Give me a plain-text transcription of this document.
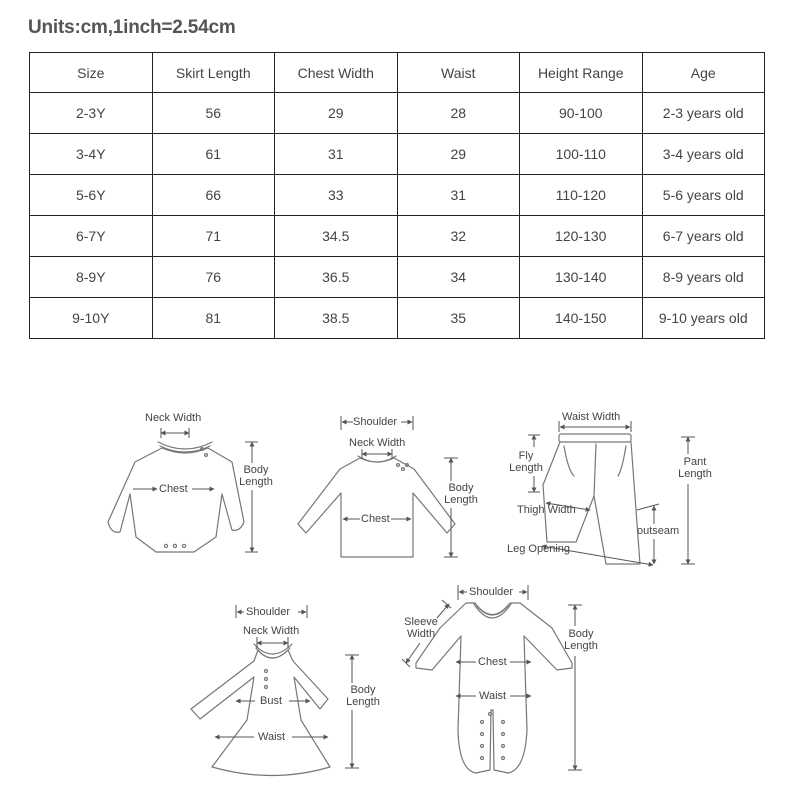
Units:cm,1inch=2.54cm
Size	Skirt Length	Chest Width	Waist	Height Range	Age
2-3Y	56	29	28	90-100	2-3 years old
3-4Y	61	31	29	100-110	3-4 years old
5-6Y	66	33	31	110-120	5-6 years old
6-7Y	71	34.5	32	120-130	6-7 years old
8-9Y	76	36.5	34	130-140	8-9 years old
9-10Y	81	38.5	35	140-150	9-10 years old
Neck Width
Chest
Body
Length
Shoulder
Neck Width
Chest
Body
Length
Waist Width
Fly
Length	Pant
Length
Thigh Width
outseam
Leg Opening
Shoulder
Neck Width
Bust
Waist
Body
Length
Shoulder
Sleeve
Width
Chest
Waist
Body
Length
